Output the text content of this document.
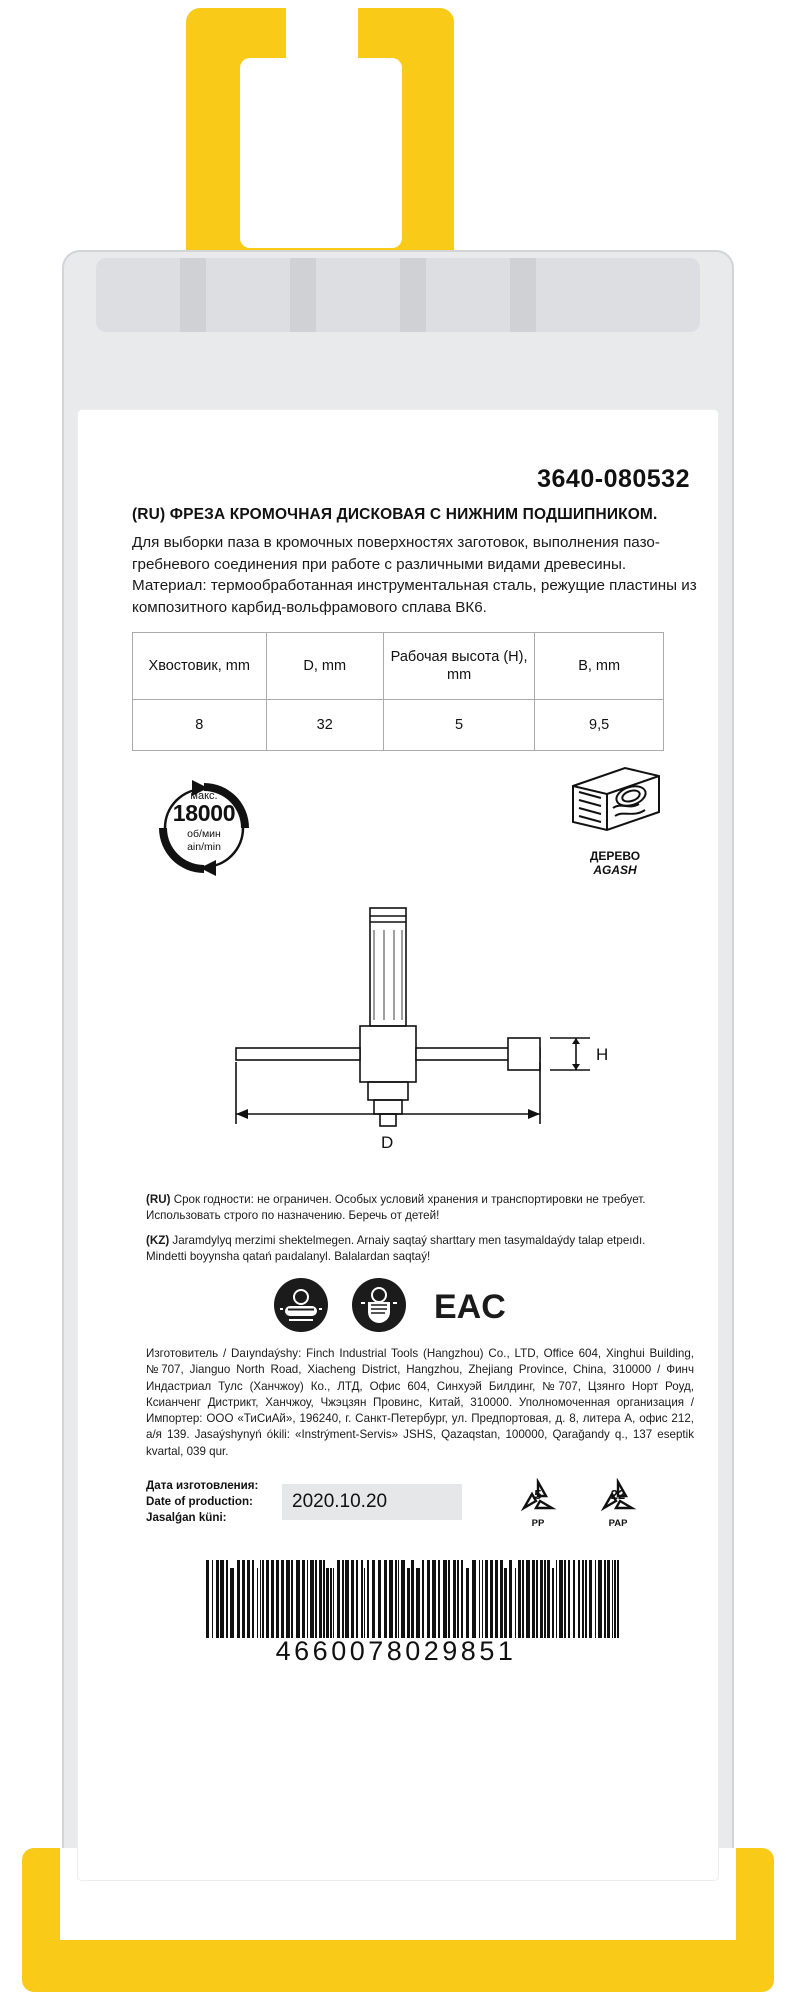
3640-080532
(RU) ФРЕЗА КРОМОЧНАЯ ДИСКОВАЯ С НИЖНИМ ПОДШИПНИКОМ.
Для выборки паза в кромочных поверхностях заготовок, выполнения пазо-гребневого соединения при работе с различными видами древесины. Материал: термообработанная инструментальная сталь, режущие пластины из композитного карбид-вольфрамового сплава ВК6.
Хвостовик, mm	D, mm	Рабочая высота (H), mm	B, mm
8	32	5	9,5
макс.
18000
об/мин
ain/min
ДЕРЕВО
AGASH
H
D

(RU) Срок годности: не ограничен. Особых условий хранения и транспортировки не требует. Использовать строго по назначению. Беречь от детей!

(KZ) Jaramdylyq merzimi shektelmegen. Arnaiy saqtaý sharttary men tasymaldaýdy talap etpeıdı. Mindetti boyynsha qatań paıdalanyl. Balalardan saqtaý!

EAC
Изготовитель / Daıyndaýshy: Finch Industrial Tools (Hangzhou) Co., LTD, Office 604, Xinghui Building, №707, Jianguo North Road, Xiacheng District, Hangzhou, Zhejiang Province, China, 310000 / Финч Индастриал Тулс (Ханчжоу) Ко., ЛТД, Офис 604, Синхуэй Билдинг, №707, Цзянго Норт Роуд, Ксианченг Дистрикт, Ханчжоу, Чжэцзян Провинс, Китай, 310000. Уполномоченная организация / Импортер: ООО «ТиСиАй», 196240, г. Санкт-Петербург, ул. Предпортовая, д. 8, литера А, офис 212, а/я 139. Jasaýshynyń ókili: «Instrýment-Servis» JSHS, Qazaqstan, 100000, Qarağandy q., 137 eseptik kvartal, 039 qur.
Дата изготовления:
Date of production:
Jasalǵan küni:
2020.10.20	5
PP
22
PAP
4660078029851
